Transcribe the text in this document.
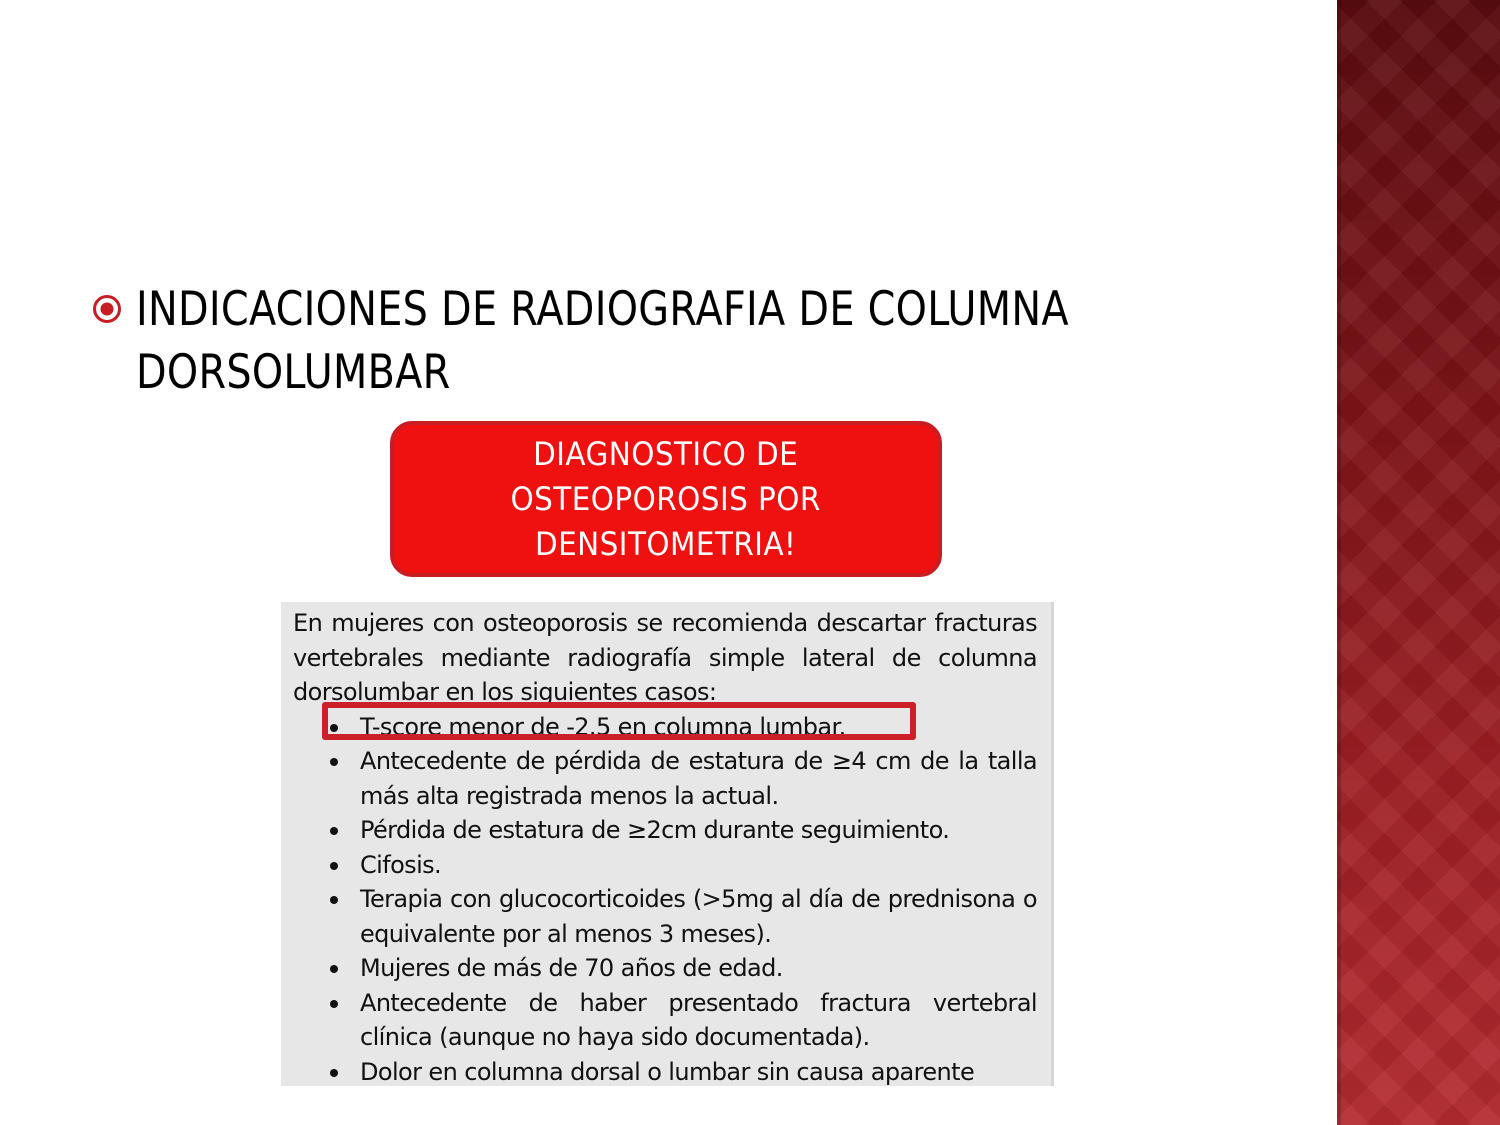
INDICACIONES DE RADIOGRAFIA DE COLUMNA
DORSOLUMBAR
DIAGNOSTICO DE
OSTEOPOROSIS POR
DENSITOMETRIA!

En mujeres con osteoporosis se recomienda descartar fracturas vertebrales mediante radiografía simple lateral de columna dorsolumbar en los siguientes casos:

T-score menor de -2.5 en columna lumbar.
Antecedente de pérdida de estatura de ≥4 cm de la talla más alta registrada menos la actual.
Pérdida de estatura de ≥2cm durante seguimiento.
Cifosis.
Terapia con glucocorticoides (>5mg al día de prednisona o equivalente por al menos 3 meses).
Mujeres de más de 70 años de edad.
Antecedente de haber presentado fractura vertebral clínica (aunque no haya sido documentada).
Dolor en columna dorsal o lumbar sin causa aparente
